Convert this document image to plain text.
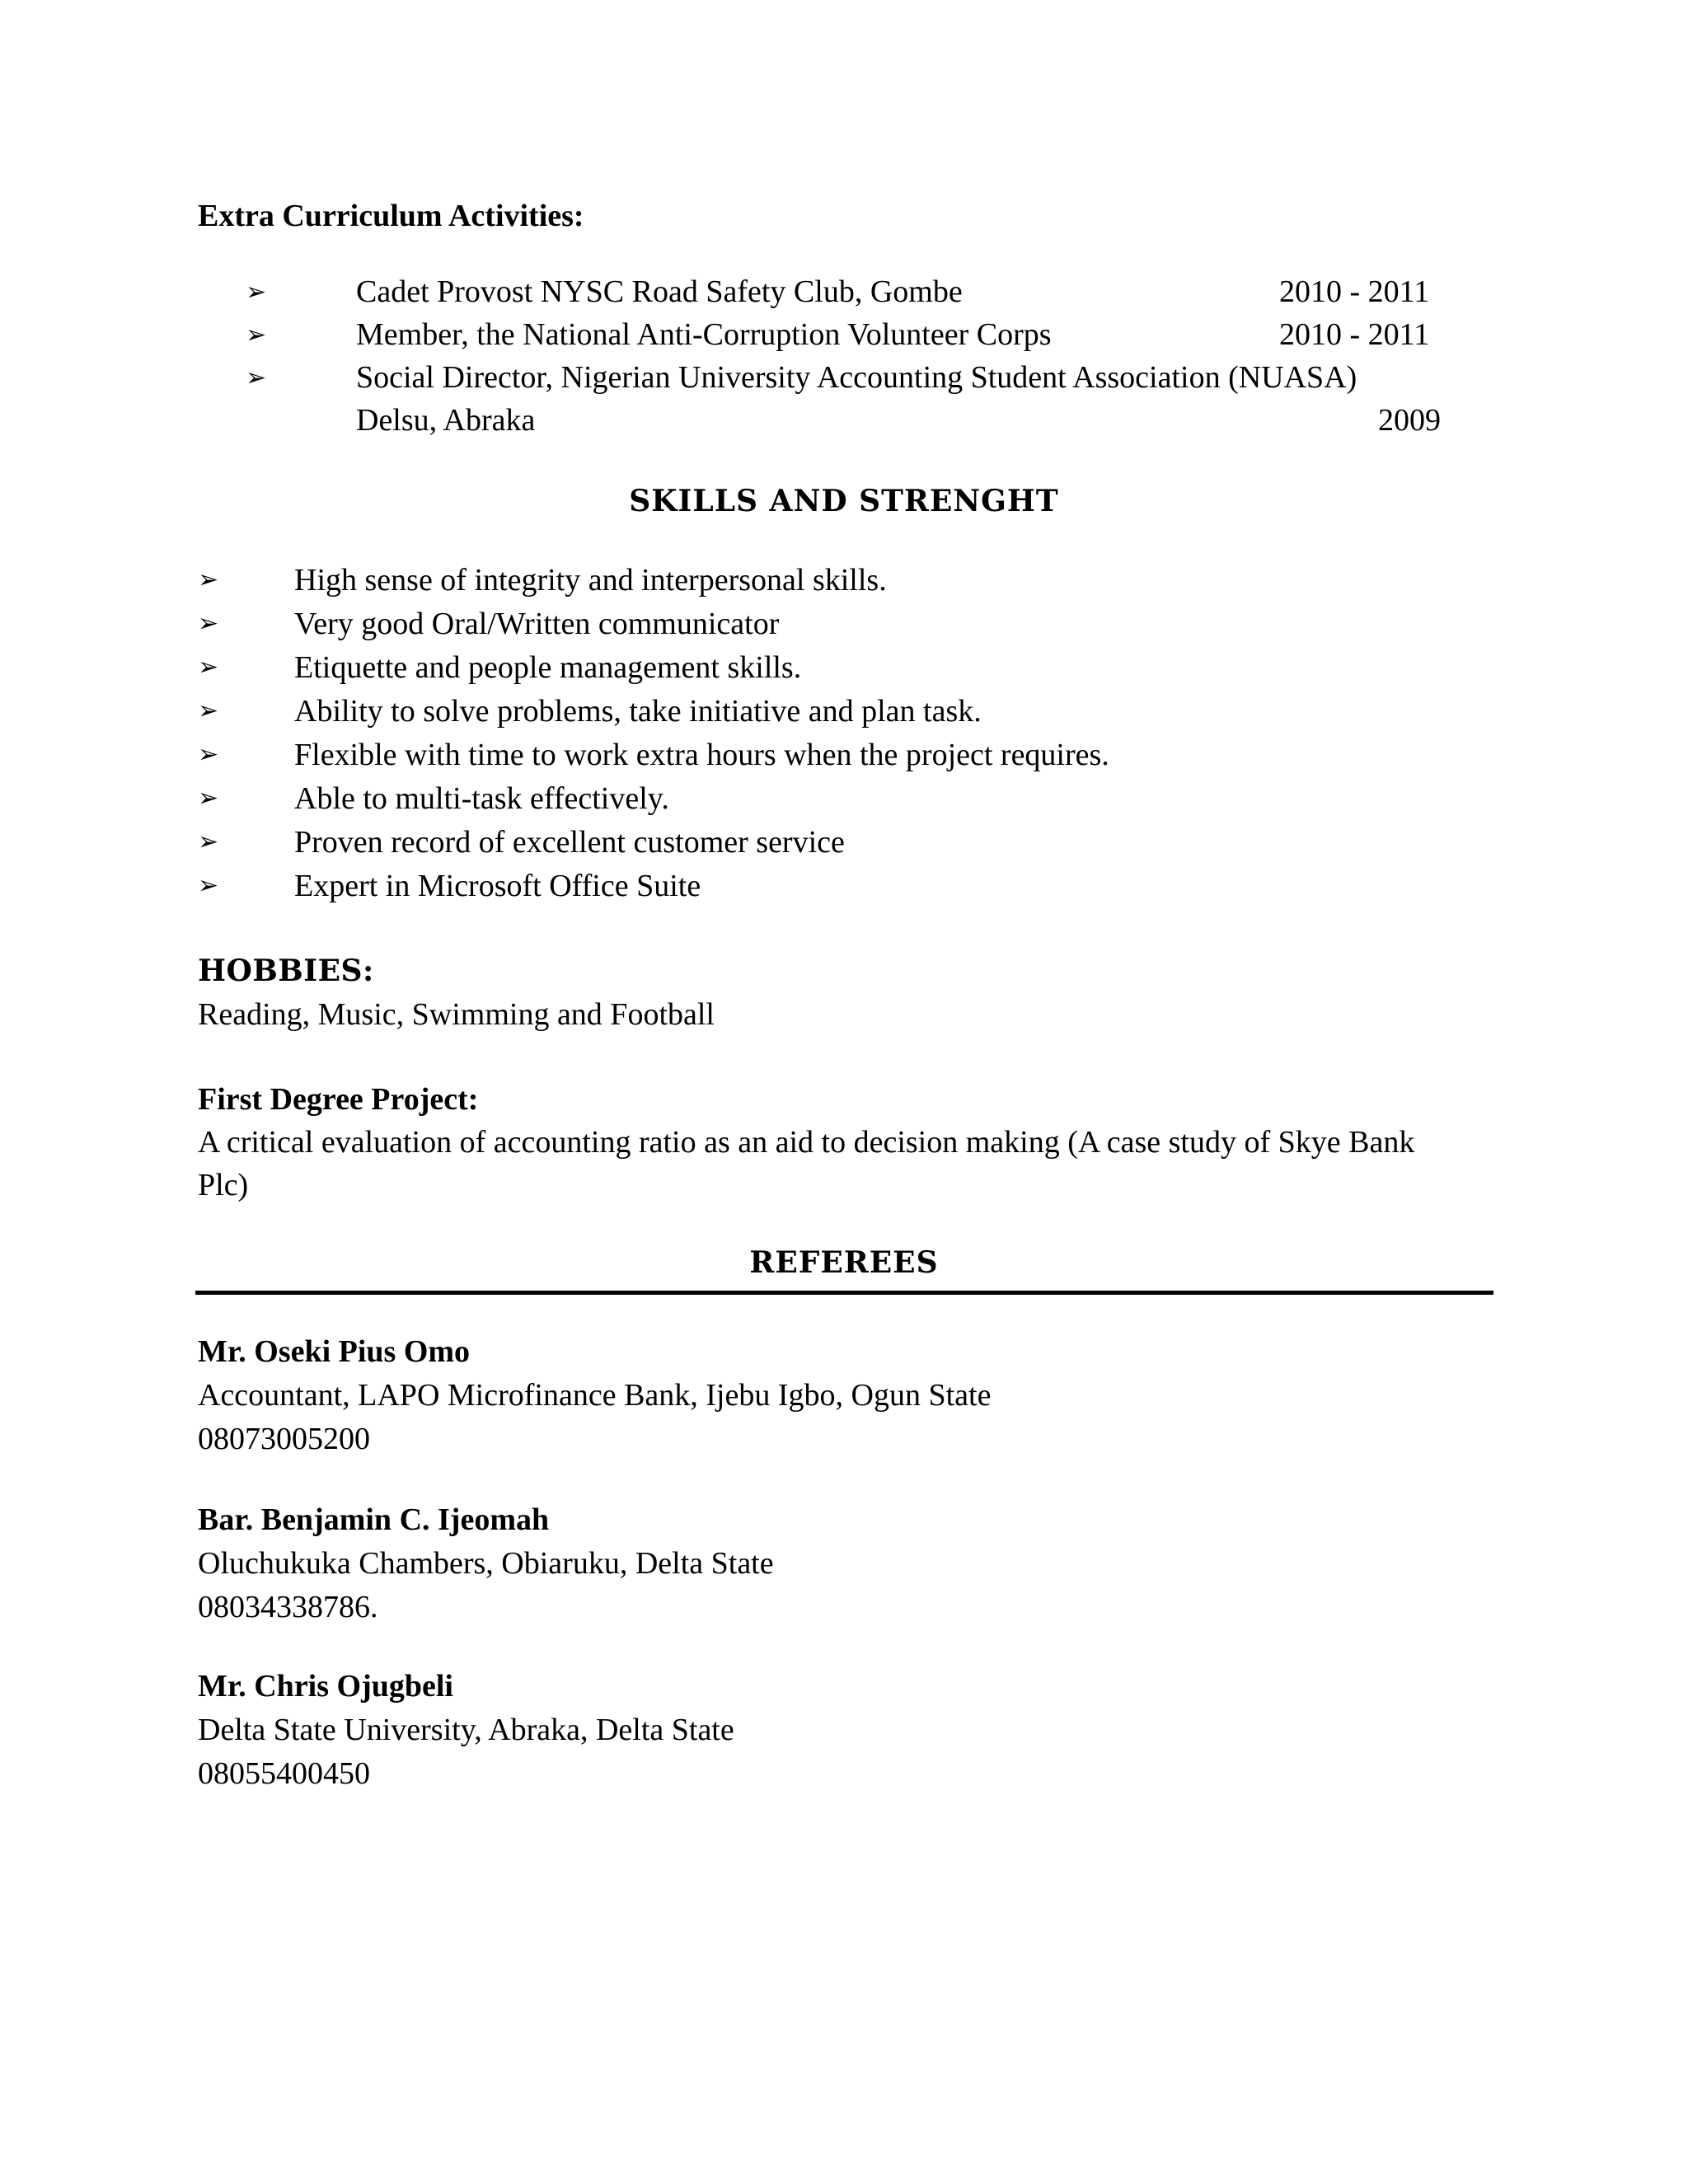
Extra Curriculum Activities:
➢	Cadet Provost NYSC Road Safety Club, Gombe	2010 - 2011
➢	Member, the National Anti-Corruption Volunteer Corps	2010 - 2011
➢	Social Director, Nigerian University Accounting Student Association (NUASA)
Delsu, Abraka	2009
SKILLS AND STRENGHT
➢ High sense of integrity and interpersonal skills.
➢ Very good Oral/Written communicator
➢ Etiquette and people management skills.
➢ Ability to solve problems, take initiative and plan task.
➢ Flexible with time to work extra hours when the project requires.
➢ Able to multi-task effectively.
➢ Proven record of excellent customer service
➢ Expert in Microsoft Office Suite
HOBBIES:
Reading, Music, Swimming and Football
First Degree Project:
A critical evaluation of accounting ratio as an aid to decision making (A case study of Skye Bank
Plc)
REFEREES
Mr. Oseki Pius Omo
Accountant, LAPO Microfinance Bank, Ijebu Igbo, Ogun State
08073005200
Bar. Benjamin C. Ijeomah
Oluchukuka Chambers, Obiaruku, Delta State
08034338786.
Mr. Chris Ojugbeli
Delta State University, Abraka, Delta State
08055400450
